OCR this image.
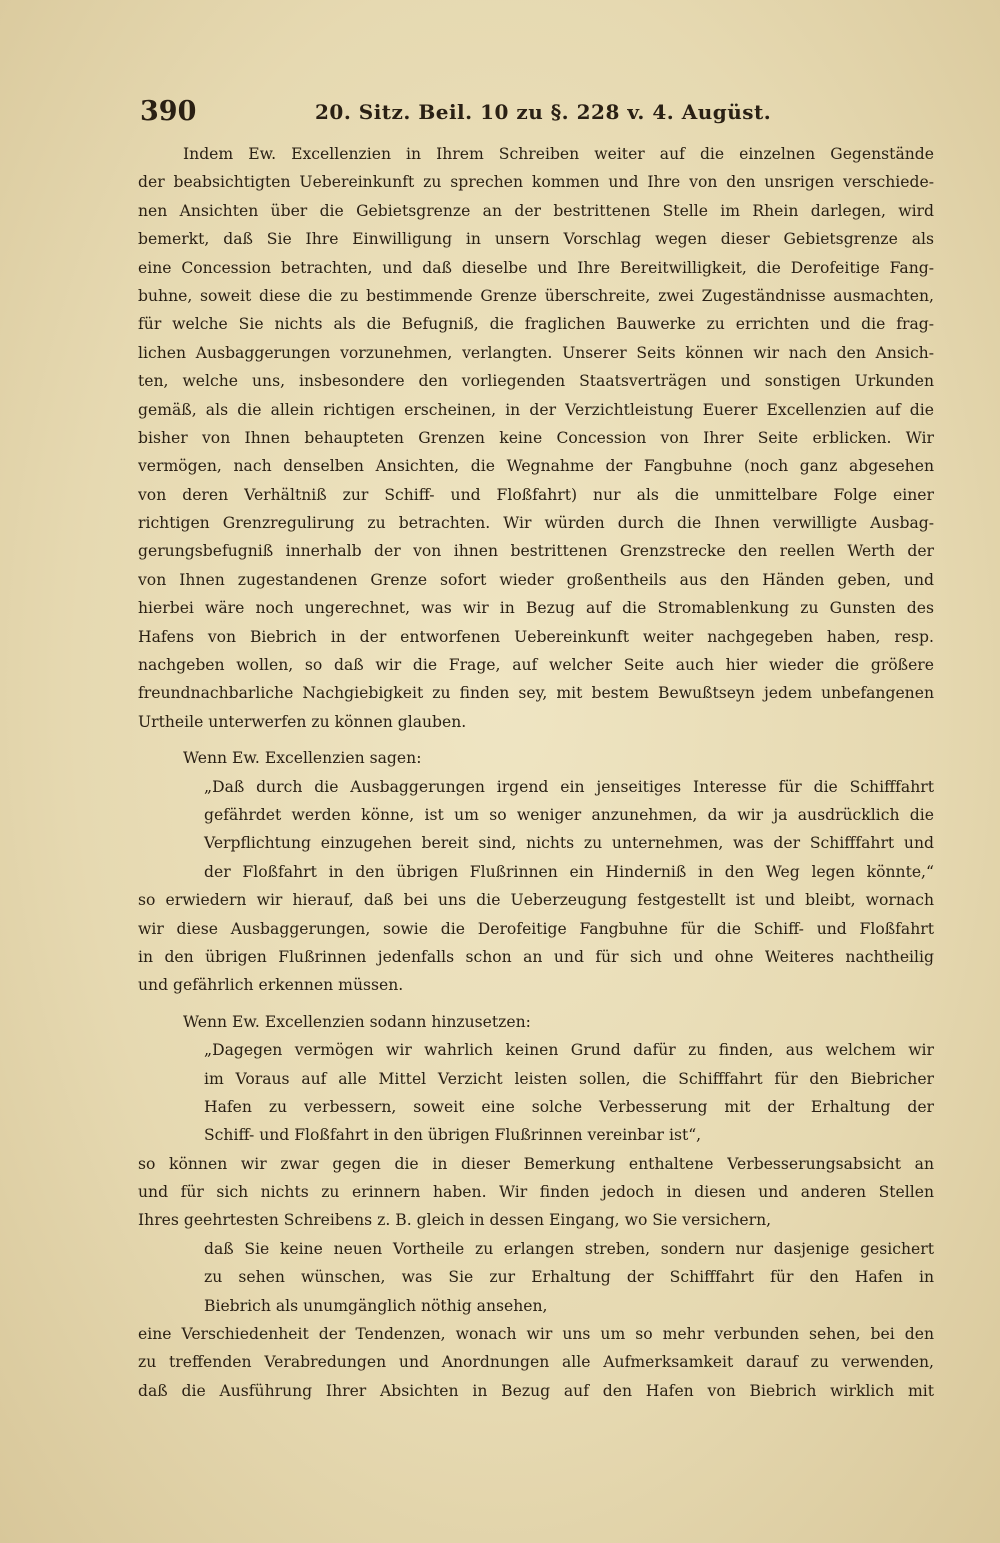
390	20. Sitz. Beil. 10 zu §. 228 v. 4. Augüst.
Indem Ew. Excellenzien in Ihrem Schreiben weiter auf die einzelnen Gegenstände
der beabsichtigten Uebereinkunft zu sprechen kommen und Ihre von den unsrigen verschiede-
nen Ansichten über die Gebietsgrenze an der bestrittenen Stelle im Rhein darlegen, wird
bemerkt, daß Sie Ihre Einwilligung in unsern Vorschlag wegen dieser Gebietsgrenze als
eine Concession betrachten, und daß dieselbe und Ihre Bereitwilligkeit, die Derofeitige Fang-
buhne, soweit diese die zu bestimmende Grenze überschreite, zwei Zugeständnisse ausmachten,
für welche Sie nichts als die Befugniß, die fraglichen Bauwerke zu errichten und die frag-
lichen Ausbaggerungen vorzunehmen, verlangten. Unserer Seits können wir nach den Ansich-
ten, welche uns, insbesondere den vorliegenden Staatsverträgen und sonstigen Urkunden
gemäß, als die allein richtigen erscheinen, in der Verzichtleistung Euerer Excellenzien auf die
bisher von Ihnen behaupteten Grenzen keine Concession von Ihrer Seite erblicken. Wir
vermögen, nach denselben Ansichten, die Wegnahme der Fangbuhne (noch ganz abgesehen
von deren Verhältniß zur Schiff- und Floßfahrt) nur als die unmittelbare Folge einer
richtigen Grenzregulirung zu betrachten. Wir würden durch die Ihnen verwilligte Ausbag-
gerungsbefugniß innerhalb der von ihnen bestrittenen Grenzstrecke den reellen Werth der
von Ihnen zugestandenen Grenze sofort wieder großentheils aus den Händen geben, und
hierbei wäre noch ungerechnet, was wir in Bezug auf die Stromablenkung zu Gunsten des
Hafens von Biebrich in der entworfenen Uebereinkunft weiter nachgegeben haben, resp.
nachgeben wollen, so daß wir die Frage, auf welcher Seite auch hier wieder die größere
freundnachbarliche Nachgiebigkeit zu finden sey, mit bestem Bewußtseyn jedem unbefangenen
Urtheile unterwerfen zu können glauben.
Wenn Ew. Excellenzien sagen:
„Daß durch die Ausbaggerungen irgend ein jenseitiges Interesse für die Schifffahrt
gefährdet werden könne, ist um so weniger anzunehmen, da wir ja ausdrücklich die
Verpflichtung einzugehen bereit sind, nichts zu unternehmen, was der Schifffahrt und
der Floßfahrt in den übrigen Flußrinnen ein Hinderniß in den Weg legen könnte,“
so erwiedern wir hierauf, daß bei uns die Ueberzeugung festgestellt ist und bleibt, wornach
wir diese Ausbaggerungen, sowie die Derofeitige Fangbuhne für die Schiff- und Floßfahrt
in den übrigen Flußrinnen jedenfalls schon an und für sich und ohne Weiteres nachtheilig
und gefährlich erkennen müssen.
Wenn Ew. Excellenzien sodann hinzusetzen:
„Dagegen vermögen wir wahrlich keinen Grund dafür zu finden, aus welchem wir
im Voraus auf alle Mittel Verzicht leisten sollen, die Schifffahrt für den Biebricher
Hafen zu verbessern, soweit eine solche Verbesserung mit der Erhaltung der
Schiff- und Floßfahrt in den übrigen Flußrinnen vereinbar ist“,
so können wir zwar gegen die in dieser Bemerkung enthaltene Verbesserungsabsicht an
und für sich nichts zu erinnern haben. Wir finden jedoch in diesen und anderen Stellen
Ihres geehrtesten Schreibens z. B. gleich in dessen Eingang, wo Sie versichern,
daß Sie keine neuen Vortheile zu erlangen streben, sondern nur dasjenige gesichert
zu sehen wünschen, was Sie zur Erhaltung der Schifffahrt für den Hafen in
Biebrich als unumgänglich nöthig ansehen,
eine Verschiedenheit der Tendenzen, wonach wir uns um so mehr verbunden sehen, bei den
zu treffenden Verabredungen und Anordnungen alle Aufmerksamkeit darauf zu verwenden,
daß die Ausführung Ihrer Absichten in Bezug auf den Hafen von Biebrich wirklich mit
